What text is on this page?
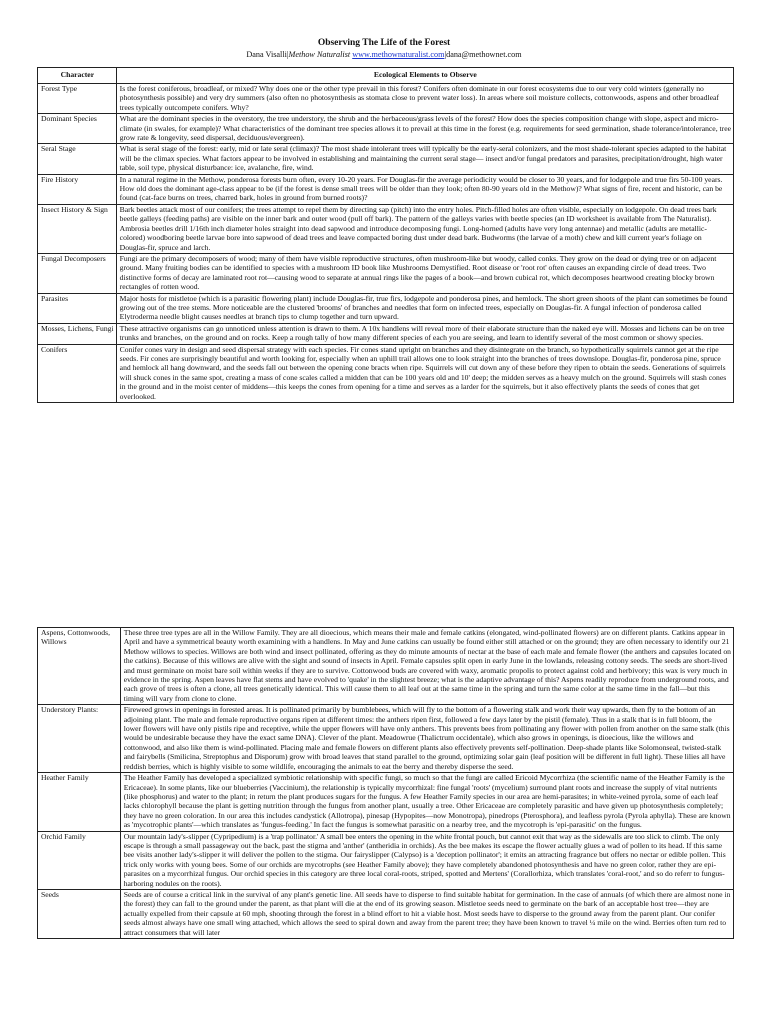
Observing The Life of the Forest
Dana Visalli|Methow Naturalist www.methownaturalist.com|dana@methownet.com
Character	Ecological Elements to Observe
Forest Type	Is the forest coniferous, broadleaf, or mixed? Why does one or the other type prevail in this forest? Conifers often dominate in our forest ecosystems due to our very cold winters (generally no photosynthesis possible) and very dry summers (also often no photosynthesis as stomata close to prevent water loss). In areas where soil moisture collects, cottonwoods, aspens and other broadleaf trees typically outcompete conifers. Why?
Dominant Species	What are the dominant species in the overstory, the tree understory, the shrub and the herbaceous/grass levels of the forest? How does the species composition change with slope, aspect and micro-climate (in swales, for example)? What characteristics of the dominant tree species allows it to prevail at this time in the forest (e.g. requirements for seed germination, shade tolerance/intolerance, tree grow rate & longevity, seed dispersal, deciduous/evergreen).
Seral Stage	What is seral stage of the forest: early, mid or late seral (climax)? The most shade intolerant trees will typically be the early-seral colonizers, and the most shade-tolerant species adapted to the habitat will be the climax species. What factors appear to be involved in establishing and maintaining the current seral stage— insect and/or fungal predators and parasites, precipitation/drought, high water table, soil type, physical disturbance: ice, avalanche, fire, wind.
Fire History	In a natural regime in the Methow, ponderosa forests burn often, every 10-20 years. For Douglas-fir the average periodicity would be closer to 30 years, and for lodgepole and true firs 50-100 years. How old does the dominant age-class appear to be (if the forest is dense small trees will be older than they look; often 80-90 years old in the Methow)? What signs of fire, recent and historic, can be found (cat-face burns on trees, charred bark, holes in ground from burned roots)?
Insect History & Sign	Bark beetles attack most of our conifers; the trees attempt to repel them by directing sap (pitch) into the entry holes. Pitch-filled holes are often visible, especially on lodgepole. On dead trees bark beetle galleys (feeding paths) are visible on the inner bark and outer wood (pull off bark). The pattern of the galleys varies with beetle species (an ID worksheet is available from The Naturalist). Ambrosia beetles drill 1/16th inch diameter holes straight into dead sapwood and introduce decomposing fungi. Long-horned (adults have very long antennae) and metallic (adults are metallic-colored) woodboring beetle larvae bore into sapwood of dead trees and leave compacted boring dust under dead bark. Budworms (the larvae of a moth) chew and kill current year's foliage on Douglas-fir, spruce and larch.
Fungal Decomposers	Fungi are the primary decomposers of wood; many of them have visible reproductive structures, often mushroom-like but woody, called conks. They grow on the dead or dying tree or on adjacent ground. Many fruiting bodies can be identified to species with a mushroom ID book like Mushrooms Demystified. Root disease or 'root rot' often causes an expanding circle of dead trees. Two distinctive forms of decay are laminated root rot—causing wood to separate at annual rings like the pages of a book—and brown cubical rot, which decomposes heartwood creating blocky brown rectangles of rotten wood.
Parasites	Major hosts for mistletoe (which is a parasitic flowering plant) include Douglas-fir, true firs, lodgepole and ponderosa pines, and hemlock. The short green shoots of the plant can sometimes be found growing out of the tree stems. More noticeable are the clustered 'brooms' of branches and needles that form on infected trees, especially on Douglas-fir. A fungal infection of ponderosa called Elytroderma needle blight causes needles at branch tips to clump together and turn upward.
Mosses, Lichens, Fungi	These attractive organisms can go unnoticed unless attention is drawn to them. A 10x handlens will reveal more of their elaborate structure than the naked eye will. Mosses and lichens can be on tree trunks and branches, on the ground and on rocks. Keep a rough tally of how many different species of each you are seeing, and learn to identify several of the most common or showy species.
Conifers	Conifer cones vary in design and seed dispersal strategy with each species. Fir cones stand upright on branches and they disintegrate on the branch, so hypothetically squirrels cannot get at the ripe seeds. Fir cones are surprisingly beautiful and worth looking for, especially when an uphill trail allows one to look straight into the branches of trees downslope. Douglas-fir, ponderosa pine, spruce and hemlock all hang downward, and the seeds fall out between the opening cone bracts when ripe. Squirrels will cut down any of these before they ripen to obtain the seeds. Generations of squirrels will shuck cones in the same spot, creating a mass of cone scales called a midden that can be 100 years old and 10' deep; the midden serves as a heavy mulch on the ground. Squirrels will stash cones in the ground and in the moist center of middens—this keeps the cones from opening for a time and serves as a larder for the squirrels, but it also effectively plants the seeds of cones that get overlooked.
Aspens, Cottonwoods, Willows	These three tree types are all in the Willow Family. They are all dioecious, which means their male and female catkins (elongated, wind-pollinated flowers) are on different plants. Catkins appear in April and have a symmetrical beauty worth examining with a handlens. In May and June catkins can usually be found either still attached or on the ground; they are often necessary to identify our 21 Methow willows to species. Willows are both wind and insect pollinated, offering as they do minute amounts of nectar at the base of each male and female flower (the anthers and capsules located on the catkins). Because of this willows are alive with the sight and sound of insects in April. Female capsules split open in early June in the lowlands, releasing cottony seeds. The seeds are short-lived and must germinate on moist bare soil within weeks if they are to survive. Cottonwood buds are covered with waxy, aromatic propolis to protect against cold and herbivory; this wax is very much in evidence in the spring. Aspen leaves have flat stems and have evolved to 'quake' in the slightest breeze; what is the adaptive advantage of this? Aspens readily reproduce from underground roots, and each grove of trees is often a clone, all trees genetically identical. This will cause them to all leaf out at the same time in the spring and turn the same color at the same time in the fall—but this timing will vary from clone to clone.
Understory Plants:	Fireweed grows in openings in forested areas. It is pollinated primarily by bumblebees, which will fly to the bottom of a flowering stalk and work their way upwards, then fly to the bottom of an adjoining plant. The male and female reproductive organs ripen at different times: the anthers ripen first, followed a few days later by the pistil (female). Thus in a stalk that is in full bloom, the lower flowers will have only pistils ripe and receptive, while the upper flowers will have only anthers. This prevents bees from pollinating any flower with pollen from another on the same stalk (this would be undesirable because they have the exact same DNA). Clever of the plant. Meadowrue (Thalictrum occidentale), which also grows in openings, is dioecious, like the willows and cottonwood, and also like them is wind-pollinated. Placing male and female flowers on different plants also effectively prevents self-pollination. Deep-shade plants like Solomonseal, twisted-stalk and fairybells (Smilicina, Streptophus and Disporum) grow with broad leaves that stand parallel to the ground, optimizing solar gain (leaf position will be different in full light). These lilies all have reddish berries, which is highly visible to some wildlife, encouraging the animals to eat the berry and thereby disperse the seed.
Heather Family	The Heather Family has developed a specialized symbiotic relationship with specific fungi, so much so that the fungi are called Ericoid Mycorrhiza (the scientific name of the Heather Family is the Ericaceae). In some plants, like our blueberries (Vaccinium), the relationship is typically mycorrhizal: fine fungal 'roots' (mycelium) surround plant roots and increase the supply of vital nutrients (like phosphorus) and water to the plant; in return the plant produces sugars for the fungus. A few Heather Family species in our area are hemi-parasites; in white-veined pyrola, some of each leaf lacks chlorophyll because the plant is getting nutrition through the fungus from another plant, usually a tree. Other Ericaceae are completely parasitic and have given up photosynthesis completely; they have no green coloration. In our area this includes candystick (Allotropa), pinesap (Hypopites—now Monotropa), pinedrops (Pterosphora), and leafless pyrola (Pyrola aphylla). These are known as 'mycotrophic plants'—which translates as 'fungus-feeding.' In fact the fungus is somewhat parasitic on a nearby tree, and the mycotroph is 'epi-parasitic' on the fungus.
Orchid Family	Our mountain lady's-slipper (Cypripedium) is a 'trap pollinator.' A small bee enters the opening in the white frontal pouch, but cannot exit that way as the sidewalls are too slick to climb. The only escape is through a small passageway out the back, past the stigma and 'anther' (antheridia in orchids). As the bee makes its escape the flower actually glues a wad of pollen to its head. If this same bee visits another lady's-slipper it will deliver the pollen to the stigma. Our fairyslipper (Calypso) is a 'deception pollinator'; it emits an attracting fragrance but offers no nectar or edible pollen. This trick only works with young bees. Some of our orchids are mycotrophs (see Heather Family above); they have completely abandoned photosynthesis and have no green color, rather they are epi-parasites on a mycorrhizal fungus. Our orchid species in this category are three local coral-roots, striped, spotted and Mertens' (Corallorhiza, which translates 'coral-root,' and so do referr to fungus-harboring nodules on the roots).
Seeds	Seeds are of course a critical link in the survival of any plant's genetic line. All seeds have to disperse to find suitable habitat for germination. In the case of annuals (of which there are almost none in the forest) they can fall to the ground under the parent, as that plant will die at the end of its growing season. Mistletoe seeds need to germinate on the bark of an acceptable host tree—they are actually expelled from their capsule at 60 mph, shooting through the forest in a blind effort to hit a viable host. Most seeds have to disperse to the ground away from the parent plant. Our conifer seeds almost always have one small wing attached, which allows the seed to spiral down and away from the parent tree; they have been known to travel ¼ mile on the wind. Berries often turn red to attract consumers that will later
